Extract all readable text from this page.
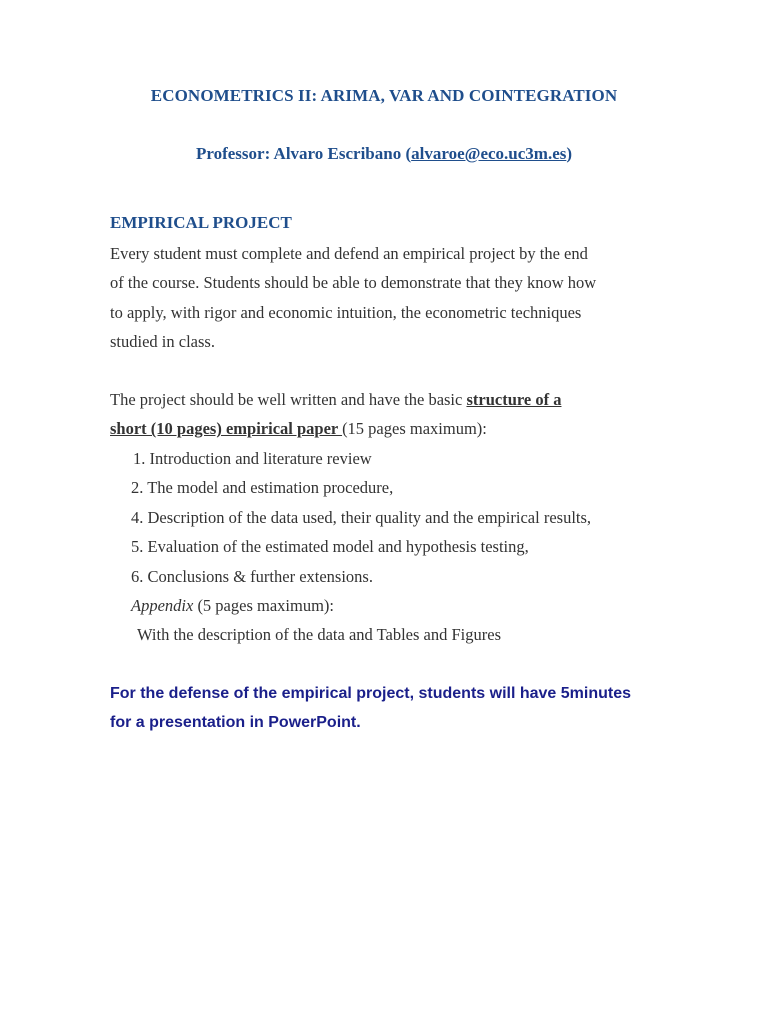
ECONOMETRICS II: ARIMA, VAR AND COINTEGRATION
Professor: Alvaro Escribano (alvaroe@eco.uc3m.es)
EMPIRICAL PROJECT
Every student must complete and defend an empirical project by the end
of the course. Students should be able to demonstrate that they know how
to apply, with rigor and economic intuition, the econometric techniques
studied in class.
The project should be well written and have the basic structure of a
short (10 pages) empirical paper (15 pages maximum):
1. Introduction and literature review
2. The model and estimation procedure,
4. Description of the data used, their quality and the empirical results,
5. Evaluation of the estimated model and hypothesis testing,
6. Conclusions & further extensions.
Appendix (5 pages maximum):
With the description of the data and Tables and Figures
For the defense of the empirical project, students will have 5minutes
for a presentation in PowerPoint.
